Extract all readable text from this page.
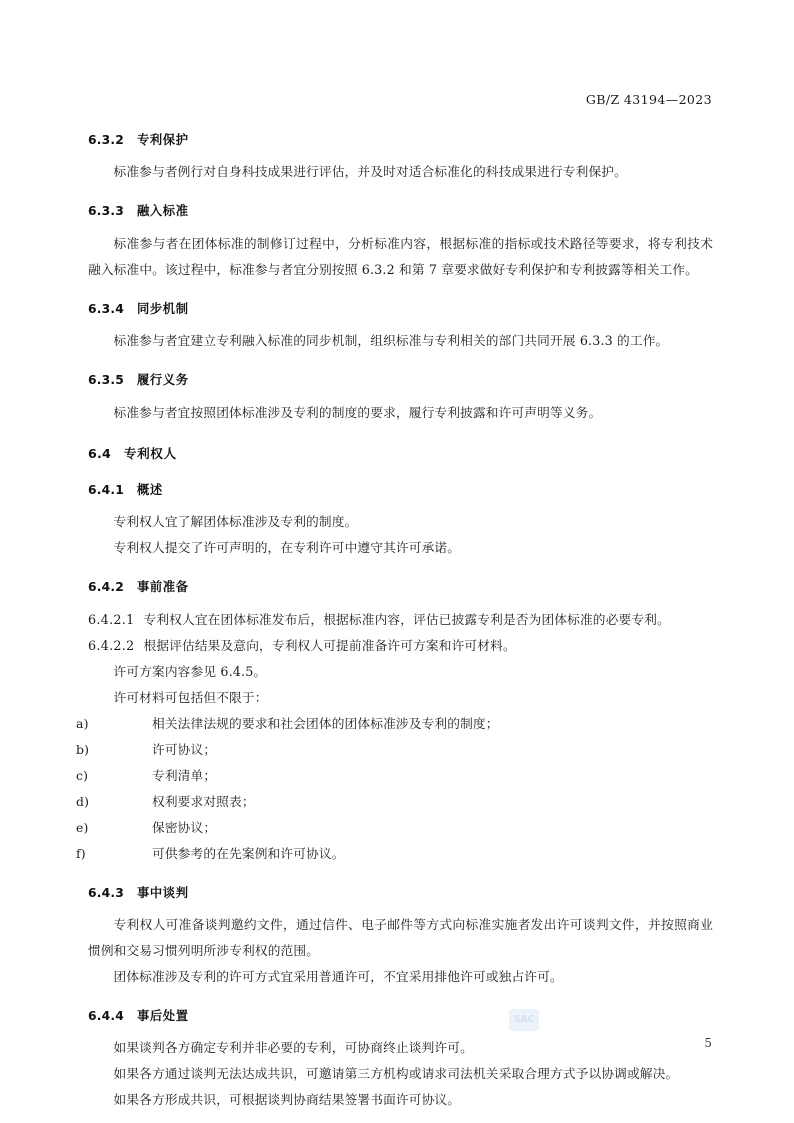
GB/Z 43194—2023
6.3.2 专利保护

标准参与者例行对自身科技成果进行评估，并及时对适合标准化的科技成果进行专利保护。

6.3.3 融入标准

标准参与者在团体标准的制修订过程中，分析标准内容，根据标准的指标或技术路径等要求，将专利技术融入标准中。该过程中，标准参与者宜分别按照 6.3.2 和第 7 章要求做好专利保护和专利披露等相关工作。

6.3.4 同步机制

标准参与者宜建立专利融入标准的同步机制，组织标准与专利相关的部门共同开展 6.3.3 的工作。

6.3.5 履行义务

标准参与者宜按照团体标准涉及专利的制度的要求，履行专利披露和许可声明等义务。

6.4 专利权人
6.4.1 概述

专利权人宜了解团体标准涉及专利的制度。

专利权人提交了许可声明的，在专利许可中遵守其许可承诺。

6.4.2 事前准备

6.4.2.1 专利权人宜在团体标准发布后，根据标准内容，评估已披露专利是否为团体标准的必要专利。

6.4.2.2 根据评估结果及意向，专利权人可提前准备许可方案和许可材料。

许可方案内容参见 6.4.5。

许可材料可包括但不限于：

a)	相关法律法规的要求和社会团体的团体标准涉及专利的制度；
b)	许可协议；
c)	专利清单；
d)	权利要求对照表；
e)	保密协议；
f)	可供参考的在先案例和许可协议。
6.4.3 事中谈判

专利权人可准备谈判邀约文件，通过信件、电子邮件等方式向标准实施者发出许可谈判文件，并按照商业惯例和交易习惯列明所涉专利权的范围。

团体标准涉及专利的许可方式宜采用普通许可，不宜采用排他许可或独占许可。

6.4.4 事后处置

如果谈判各方确定专利并非必要的专利，可协商终止谈判许可。

如果各方通过谈判无法达成共识，可邀请第三方机构或请求司法机关采取合理方式予以协调或解决。

如果各方形成共识，可根据谈判协商结果签署书面许可协议。

SAC
5
